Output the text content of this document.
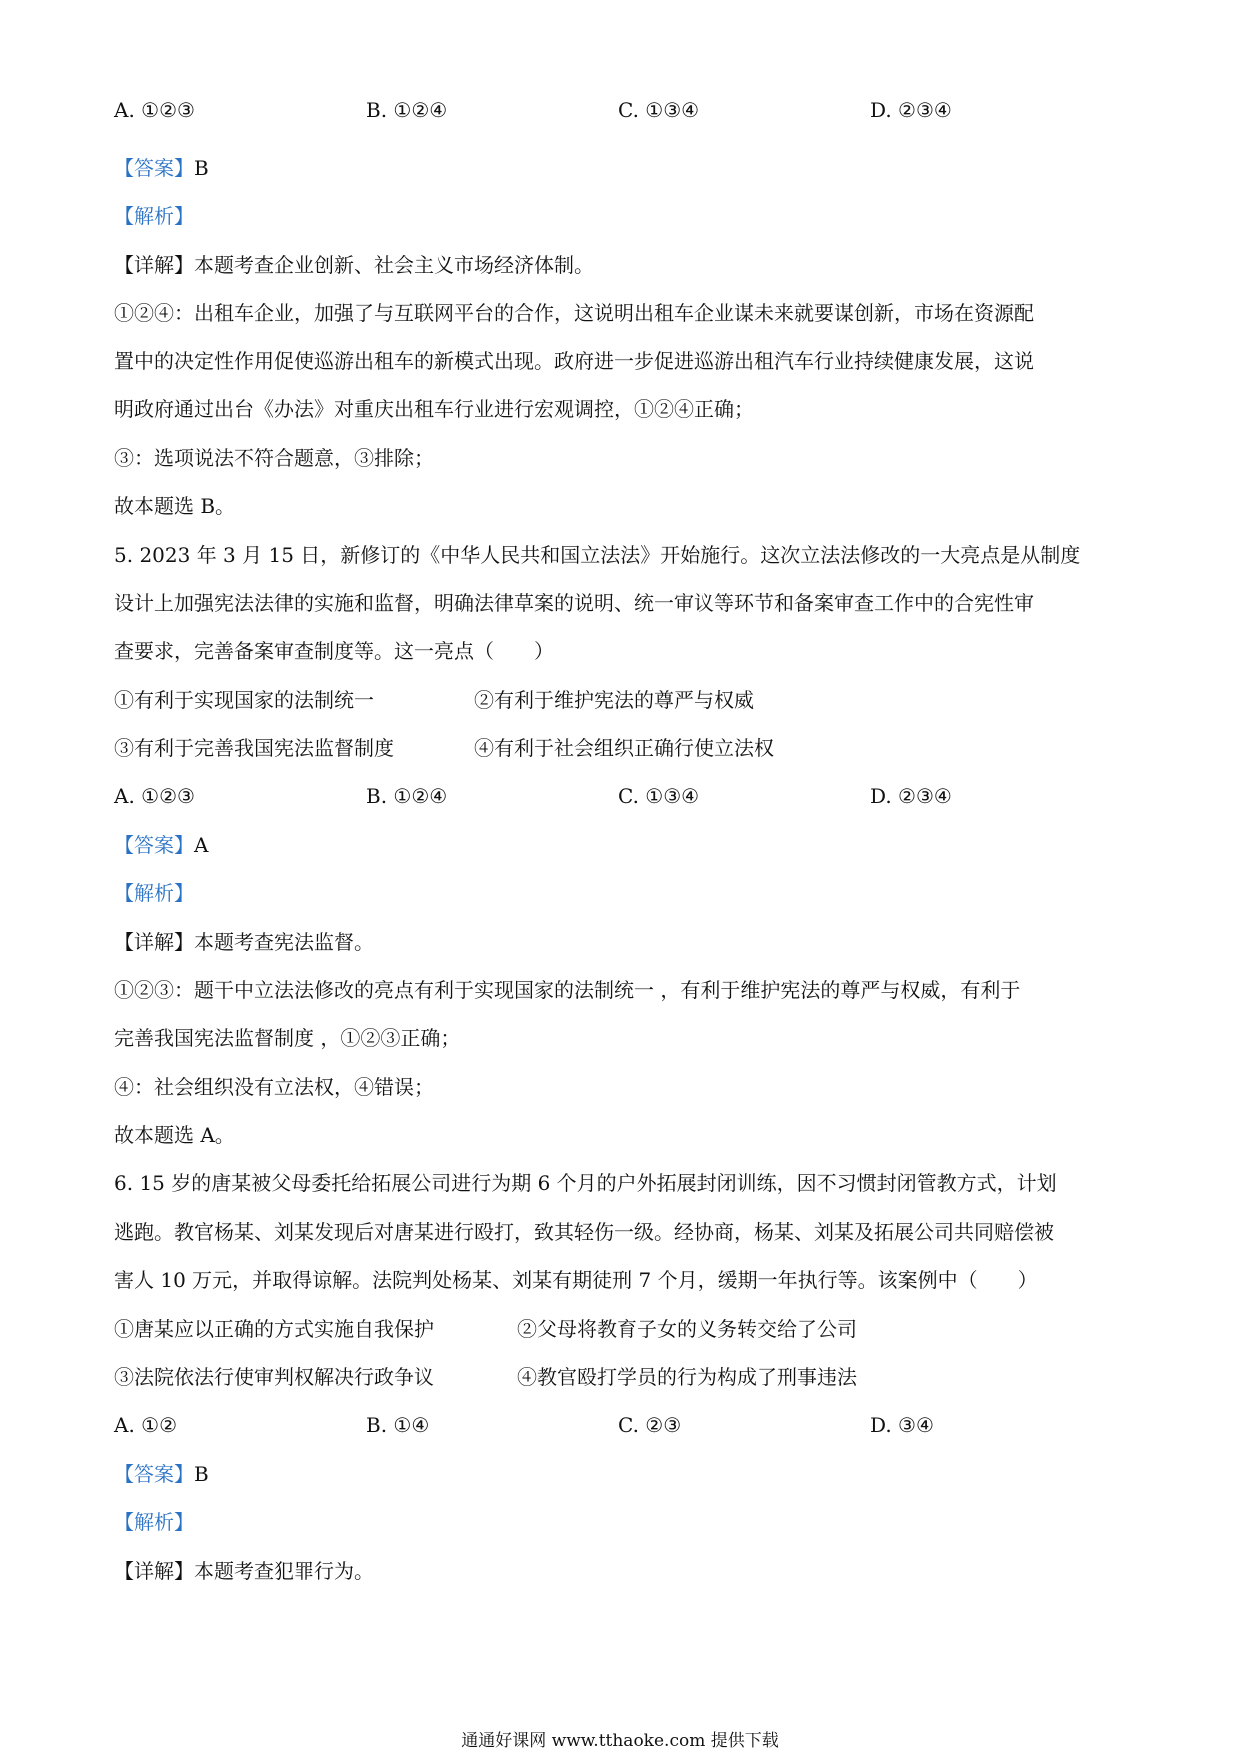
A. ①②③	B. ①②④	C. ①③④	D. ②③④
【答案】B
【解析】
【详解】本题考查企业创新、社会主义市场经济体制。
①②④：出租车企业，加强了与互联网平台的合作，这说明出租车企业谋未来就要谋创新，市场在资源配
置中的决定性作用促使巡游出租车的新模式出现。政府进一步促进巡游出租汽车行业持续健康发展，这说
明政府通过出台《办法》对重庆出租车行业进行宏观调控，①②④正确；
③：选项说法不符合题意，③排除；
故本题选 B。
5. 2023 年 3 月 15 日，新修订的《中华人民共和国立法法》开始施行。这次立法法修改的一大亮点是从制度
设计上加强宪法法律的实施和监督，明确法律草案的说明、统一审议等环节和备案审查工作中的合宪性审
查要求，完善备案审查制度等。这一亮点（　　）
①有利于实现国家的法制统一	②有利于维护宪法的尊严与权威
③有利于完善我国宪法监督制度	④有利于社会组织正确行使立法权
A. ①②③	B. ①②④	C. ①③④	D. ②③④
【答案】A
【解析】
【详解】本题考查宪法监督。
①②③：题干中立法法修改的亮点有利于实现国家的法制统一 ，有利于维护宪法的尊严与权威，有利于
完善我国宪法监督制度 ，①②③正确；
④：社会组织没有立法权，④错误；
故本题选 A。
6. 15 岁的唐某被父母委托给拓展公司进行为期 6 个月的户外拓展封闭训练，因不习惯封闭管教方式，计划
逃跑。教官杨某、刘某发现后对唐某进行殴打，致其轻伤一级。经协商，杨某、刘某及拓展公司共同赔偿被
害人 10 万元，并取得谅解。法院判处杨某、刘某有期徒刑 7 个月，缓期一年执行等。该案例中（　　）
①唐某应以正确的方式实施自我保护	②父母将教育子女的义务转交给了公司
③法院依法行使审判权解决行政争议	④教官殴打学员的行为构成了刑事违法
A. ①②	B. ①④	C. ②③	D. ③④
【答案】B
【解析】
【详解】本题考查犯罪行为。
通通好课网 www.tthaoke.com 提供下载
